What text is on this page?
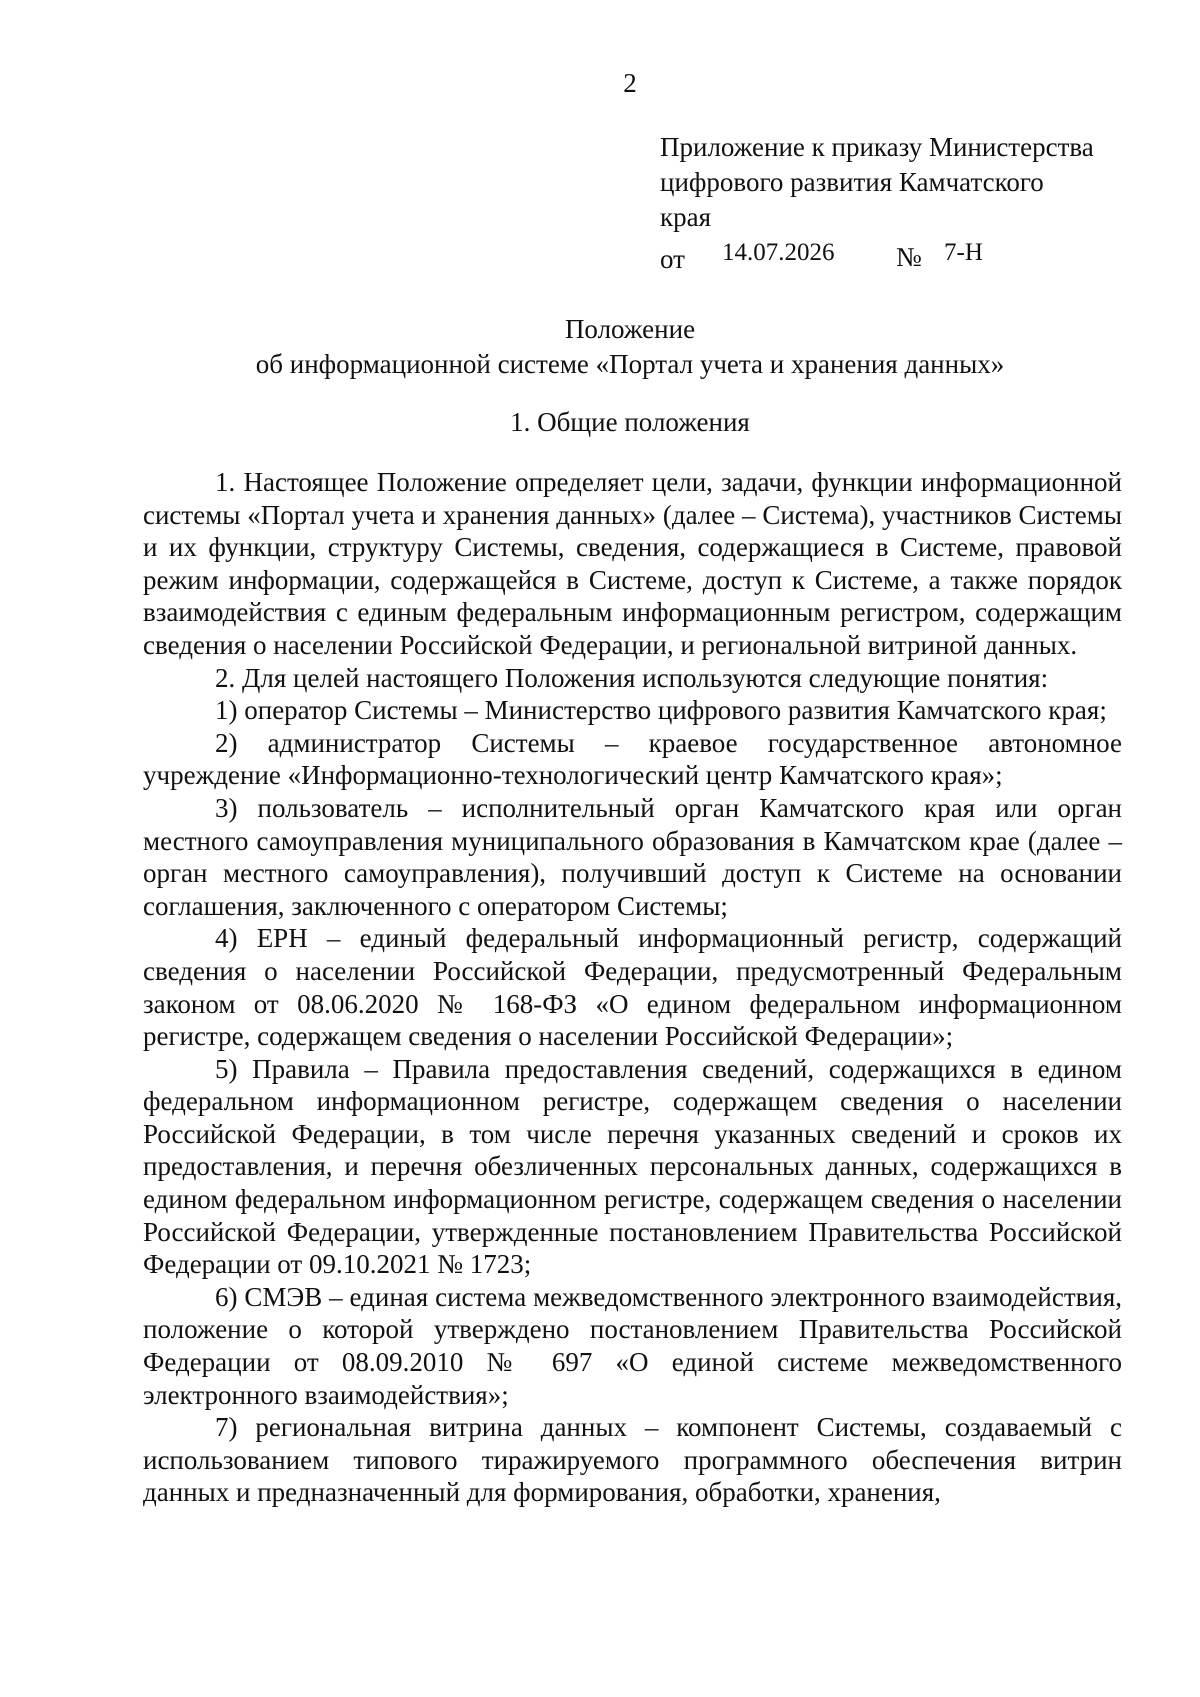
2
Приложение к приказу Министерства
цифрового развития Камчатского
края
от 14.07.2026 № 7-Н
Положение
об информационной системе «Портал учета и хранения данных»
1. Общие положения

1. Настоящее Положение определяет цели, задачи, функции информационной системы «Портал учета и хранения данных» (далее – Система), участников Системы и их функции, структуру Системы, сведения, содержащиеся в Системе, правовой режим информации, содержащейся в Системе, доступ к Системе, а также порядок взаимодействия с единым федеральным информационным регистром, содержащим сведения о населении Российской Федерации, и региональной витриной данных.

2. Для целей настоящего Положения используются следующие понятия:

1) оператор Системы – Министерство цифрового развития Камчатского края;

2) администратор Системы – краевое государственное автономное учреждение «Информационно-технологический центр Камчатского края»;

3) пользователь – исполнительный орган Камчатского края или орган местного самоуправления муниципального образования в Камчатском крае (далее – орган местного самоуправления), получивший доступ к Системе на основании соглашения, заключенного с оператором Системы;

4) ЕРН – единый федеральный информационный регистр, содержащий сведения о населении Российской Федерации, предусмотренный Федеральным законом от 08.06.2020 № 168-ФЗ «О едином федеральном информационном регистре, содержащем сведения о населении Российской Федерации»;

5) Правила – Правила предоставления сведений, содержащихся в едином федеральном информационном регистре, содержащем сведения о населении Российской Федерации, в том числе перечня указанных сведений и сроков их предоставления, и перечня обезличенных персональных данных, содержащихся в едином федеральном информационном регистре, содержащем сведения о населении Российской Федерации, утвержденные постановлением Правительства Российской Федерации от 09.10.2021 № 1723;

6) СМЭВ – единая система межведомственного электронного взаимодействия, положение о которой утверждено постановлением Правительства Российской Федерации от 08.09.2010 № 697 «О единой системе межведомственного электронного взаимодействия»;

7) региональная витрина данных – компонент Системы, создаваемый с использованием типового тиражируемого программного обеспечения витрин данных и предназначенный для формирования, обработки, хранения,
